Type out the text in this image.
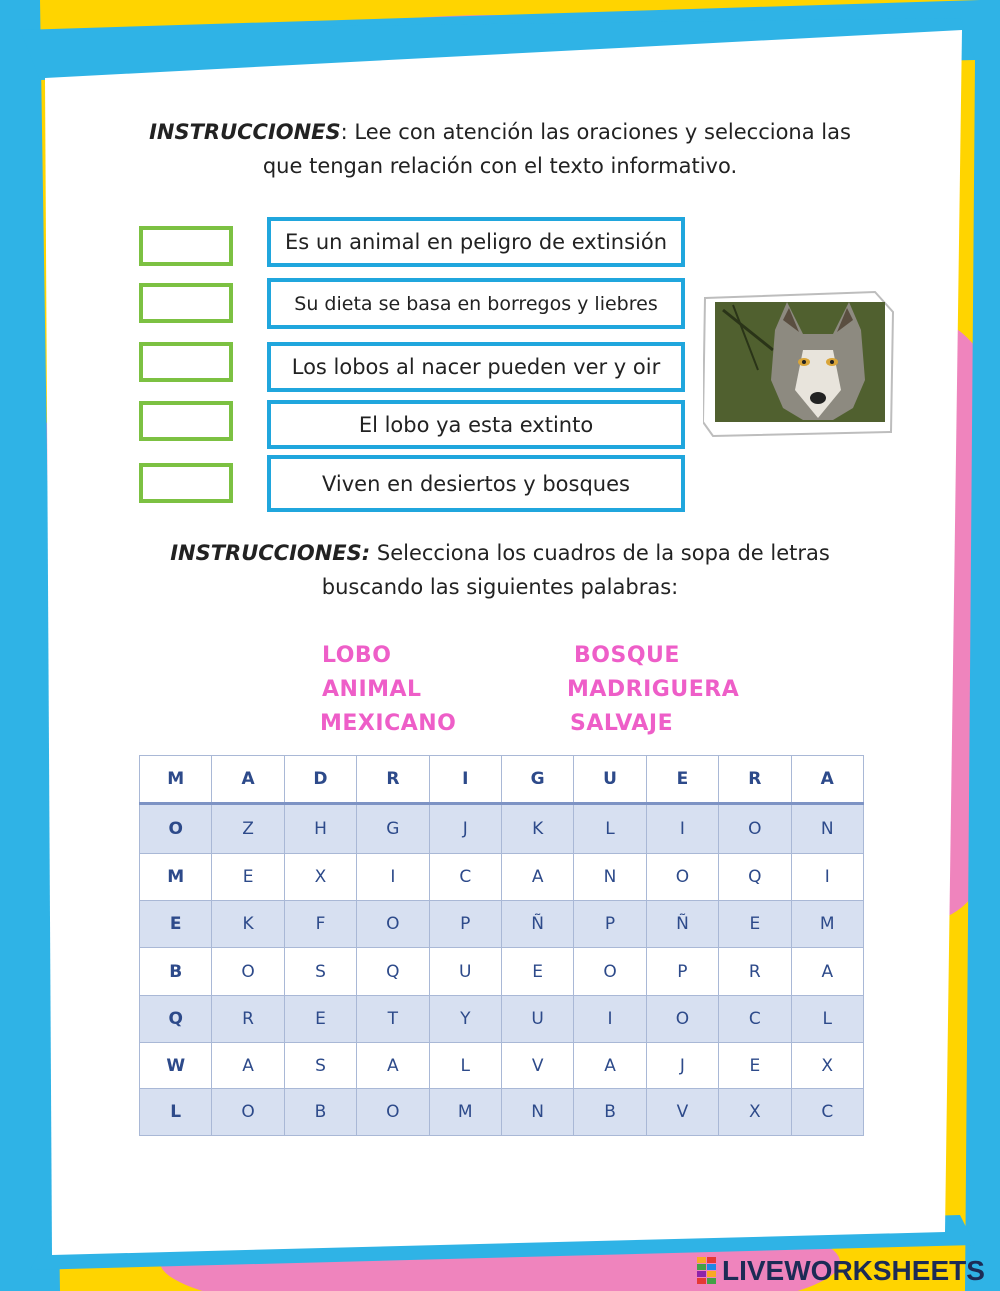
INSTRUCCIONES: Lee con atención las oraciones y selecciona las
que tengan relación con el texto informativo.
Es un animal en peligro de extinsión
Su dieta se basa en borregos y liebres
Los lobos al nacer pueden ver y oir
El lobo ya esta extinto
Viven en desiertos y bosques
INSTRUCCIONES: Selecciona los cuadros de la sopa de letras
buscando las siguientes palabras:
LOBO
ANIMAL
MEXICANO
BOSQUE
MADRIGUERA
SALVAJE
M	A	D	R	I	G	U	E	R	A
O	Z	H	G	J	K	L	I	O	N
M	E	X	I	C	A	N	O	Q	I
E	K	F	O	P	Ñ	P	Ñ	E	M
B	O	S	Q	U	E	O	P	R	A
Q	R	E	T	Y	U	I	O	C	L
W	A	S	A	L	V	A	J	E	X
L	O	B	O	M	N	B	V	X	C
LIVEWORKSHEETS
